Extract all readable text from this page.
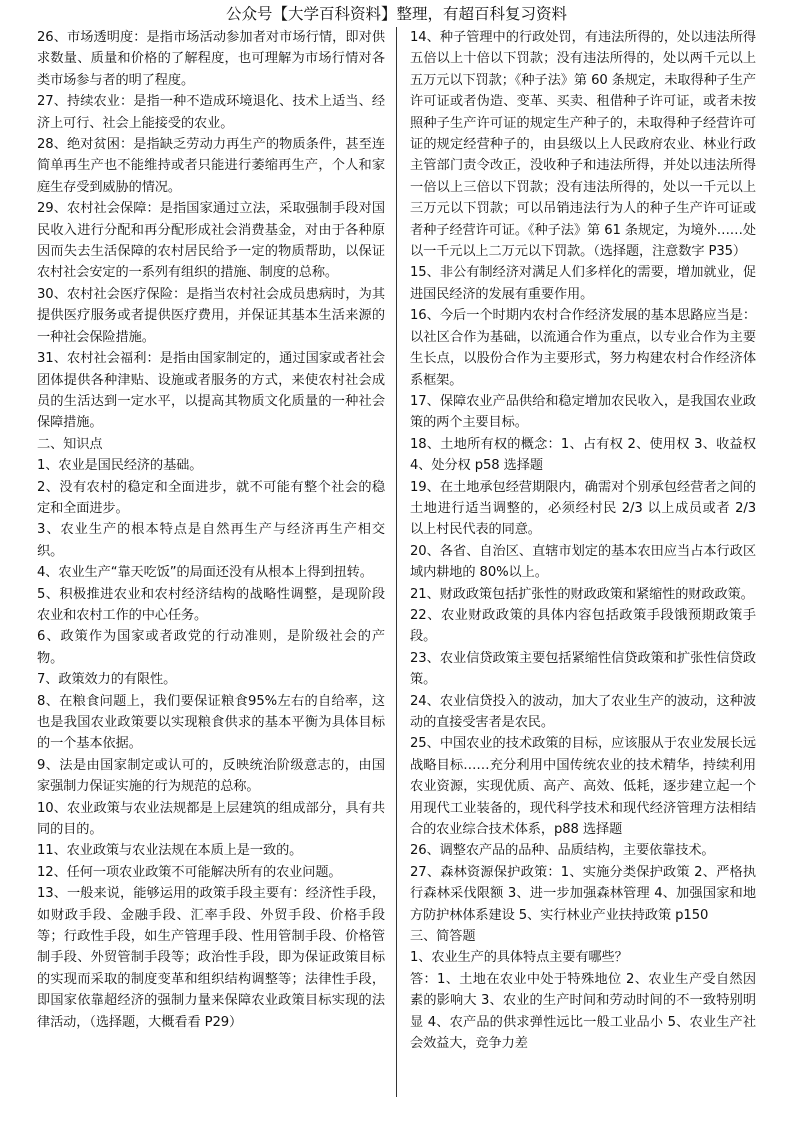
公众号【大学百科资料】整理，有超百科复习资料

26、市场透明度：是指市场活动参加者对市场行情，即对供求数量、质量和价格的了解程度，也可理解为市场行情对各类市场参与者的明了程度。

27、持续农业：是指一种不造成环境退化、技术上适当、经济上可行、社会上能接受的农业。

28、绝对贫困：是指缺乏劳动力再生产的物质条件，甚至连简单再生产也不能维持或者只能进行萎缩再生产，个人和家庭生存受到威胁的情况。

29、农村社会保障：是指国家通过立法，采取强制手段对国民收入进行分配和再分配形成社会消费基金，对由于各种原因而失去生活保障的农村居民给予一定的物质帮助，以保证农村社会安定的一系列有组织的措施、制度的总称。

30、农村社会医疗保险：是指当农村社会成员患病时，为其提供医疗服务或者提供医疗费用，并保证其基本生活来源的一种社会保险措施。

31、农村社会福利：是指由国家制定的，通过国家或者社会团体提供各种津贴、设施或者服务的方式，来使农村社会成员的生活达到一定水平，以提高其物质文化质量的一种社会保障措施。

二、知识点

1、农业是国民经济的基础。

2、没有农村的稳定和全面进步，就不可能有整个社会的稳定和全面进步。

3、农业生产的根本特点是自然再生产与经济再生产相交织。

4、农业生产“靠天吃饭”的局面还没有从根本上得到扭转。

5、积极推进农业和农村经济结构的战略性调整，是现阶段农业和农村工作的中心任务。

6、政策作为国家或者政党的行动准则，是阶级社会的产物。

7、政策效力的有限性。

8、在粮食问题上，我们要保证粮食95%左右的自给率，这也是我国农业政策要以实现粮食供求的基本平衡为具体目标的一个基本依据。

9、法是由国家制定或认可的，反映统治阶级意志的，由国家强制力保证实施的行为规范的总称。

10、农业政策与农业法规都是上层建筑的组成部分，具有共同的目的。

11、农业政策与农业法规在本质上是一致的。

12、任何一项农业政策不可能解决所有的农业问题。

13、一般来说，能够运用的政策手段主要有：经济性手段，如财政手段、金融手段、汇率手段、外贸手段、价格手段等；行政性手段，如生产管理手段、性用管制手段、价格管制手段、外贸管制手段等；政治性手段，即为保证政策目标的实现而采取的制度变革和组织结构调整等；法律性手段，即国家依靠超经济的强制力量来保障农业政策目标实现的法律活动，（选择题，大概看看 P29）

14、种子管理中的行政处罚，有违法所得的，处以违法所得五倍以上十倍以下罚款；没有违法所得的，处以两千元以上五万元以下罚款；《种子法》第 60 条规定，未取得种子生产许可证或者伪造、变革、买卖、租借种子许可证，或者未按照种子生产许可证的规定生产种子的，未取得种子经营许可证的规定经营种子的，由县级以上人民政府农业、林业行政主管部门责令改正，没收种子和违法所得，并处以违法所得一倍以上三倍以下罚款；没有违法所得的，处以一千元以上三万元以下罚款；可以吊销违法行为人的种子生产许可证或者种子经营许可证。《种子法》第 61 条规定，为境外……处以一千元以上二万元以下罚款。（选择题，注意数字 P35）

15、非公有制经济对满足人们多样化的需要，增加就业，促进国民经济的发展有重要作用。

16、今后一个时期内农村合作经济发展的基本思路应当是：以社区合作为基础，以流通合作为重点，以专业合作为主要生长点，以股份合作为主要形式，努力构建农村合作经济体系框架。

17、保障农业产品供给和稳定增加农民收入，是我国农业政策的两个主要目标。

18、土地所有权的概念：1、占有权 2、使用权 3、收益权 4、处分权 p58 选择题

19、在土地承包经营期限内，确需对个别承包经营者之间的土地进行适当调整的，必须经村民 2/3 以上成员或者 2/3 以上村民代表的同意。

20、各省、自治区、直辖市划定的基本农田应当占本行政区域内耕地的 80%以上。

21、财政政策包括扩张性的财政政策和紧缩性的财政政策。

22、农业财政政策的具体内容包括政策手段饿预期政策手段。

23、农业信贷政策主要包括紧缩性信贷政策和扩张性信贷政策。

24、农业信贷投入的波动，加大了农业生产的波动，这种波动的直接受害者是农民。

25、中国农业的技术政策的目标，应该服从于农业发展长远战略目标……充分利用中国传统农业的技术精华，持续利用农业资源，实现优质、高产、高效、低耗，逐步建立起一个用现代工业装备的，现代科学技术和现代经济管理方法相结合的农业综合技术体系，p88 选择题

26、调整农产品的品种、品质结构，主要依靠技术。

27、森林资源保护政策：1、实施分类保护政策 2、严格执行森林采伐限额 3、进一步加强森林管理 4、加强国家和地方防护林体系建设 5、实行林业产业扶持政策 p150

三、简答题

1、农业生产的具体特点主要有哪些？

答：1、土地在农业中处于特殊地位 2、农业生产受自然因素的影响大 3、农业的生产时间和劳动时间的不一致特别明显 4、农产品的供求弹性远比一般工业品小 5、农业生产社会效益大，竞争力差
